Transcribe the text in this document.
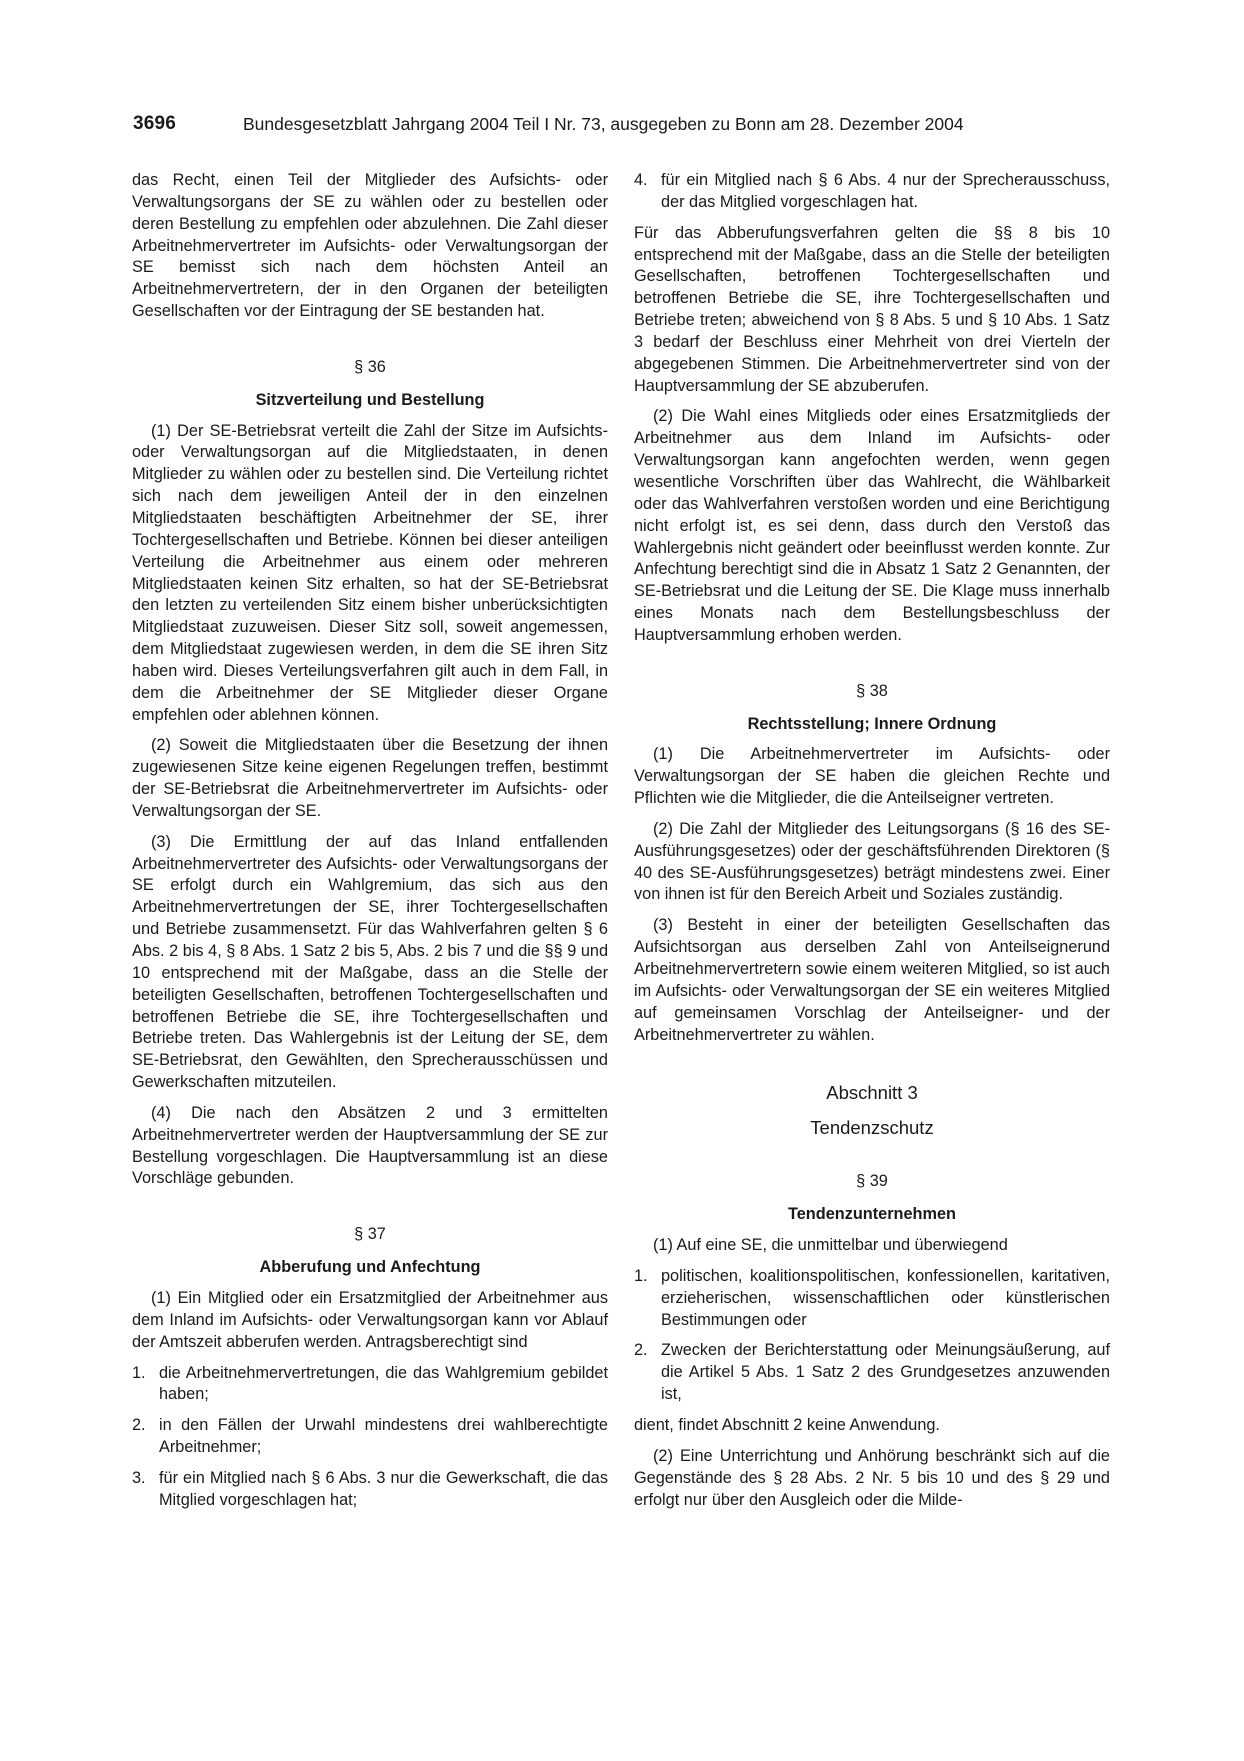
3696	Bundesgesetzblatt Jahrgang 2004 Teil I Nr. 73, ausgegeben zu Bonn am 28. Dezember 2004

das Recht, einen Teil der Mitglieder des Aufsichts- oder Verwaltungsorgans der SE zu wählen oder zu bestellen oder deren Bestellung zu empfehlen oder abzulehnen. Die Zahl dieser Arbeitnehmervertreter im Aufsichts- oder Verwaltungsorgan der SE bemisst sich nach dem höchsten Anteil an Arbeitnehmervertretern, der in den Organen der beteiligten Gesellschaften vor der Eintragung der SE bestanden hat.

§ 36
Sitzverteilung und Bestellung

(1) Der SE-Betriebsrat verteilt die Zahl der Sitze im Aufsichts- oder Verwaltungsorgan auf die Mitgliedstaaten, in denen Mitglieder zu wählen oder zu bestellen sind. Die Verteilung richtet sich nach dem jeweiligen Anteil der in den einzelnen Mitgliedstaaten beschäftigten Arbeitnehmer der SE, ihrer Tochtergesellschaften und Betriebe. Können bei dieser anteiligen Verteilung die Arbeitnehmer aus einem oder mehreren Mitgliedstaaten keinen Sitz erhalten, so hat der SE-Betriebsrat den letzten zu verteilenden Sitz einem bisher unberücksichtigten Mitgliedstaat zuzuweisen. Dieser Sitz soll, soweit angemessen, dem Mitgliedstaat zugewiesen werden, in dem die SE ihren Sitz haben wird. Dieses Verteilungsverfahren gilt auch in dem Fall, in dem die Arbeitnehmer der SE Mitglieder dieser Organe empfehlen oder ablehnen können.

(2) Soweit die Mitgliedstaaten über die Besetzung der ihnen zugewiesenen Sitze keine eigenen Regelungen treffen, bestimmt der SE-Betriebsrat die Arbeitnehmervertreter im Aufsichts- oder Verwaltungsorgan der SE.

(3) Die Ermittlung der auf das Inland entfallenden Arbeitnehmervertreter des Aufsichts- oder Verwaltungsorgans der SE erfolgt durch ein Wahlgremium, das sich aus den Arbeitnehmervertretungen der SE, ihrer Tochtergesellschaften und Betriebe zusammensetzt. Für das Wahlverfahren gelten § 6 Abs. 2 bis 4, § 8 Abs. 1 Satz 2 bis 5, Abs. 2 bis 7 und die §§ 9 und 10 entsprechend mit der Maßgabe, dass an die Stelle der beteiligten Gesellschaften, betroffenen Tochtergesellschaften und betroffenen Betriebe die SE, ihre Tochtergesellschaften und Betriebe treten. Das Wahlergebnis ist der Leitung der SE, dem SE-Betriebsrat, den Gewählten, den Sprecherausschüssen und Gewerkschaften mitzuteilen.

(4) Die nach den Absätzen 2 und 3 ermittelten Arbeitnehmervertreter werden der Hauptversammlung der SE zur Bestellung vorgeschlagen. Die Hauptversammlung ist an diese Vorschläge gebunden.

§ 37
Abberufung und Anfechtung

(1) Ein Mitglied oder ein Ersatzmitglied der Arbeitnehmer aus dem Inland im Aufsichts- oder Verwaltungsorgan kann vor Ablauf der Amtszeit abberufen werden. Antragsberechtigt sind

1. die Arbeitnehmervertretungen, die das Wahlgremium gebildet haben;
2. in den Fällen der Urwahl mindestens drei wahlberechtigte Arbeitnehmer;
3. für ein Mitglied nach § 6 Abs. 3 nur die Gewerkschaft, die das Mitglied vorgeschlagen hat;
4. für ein Mitglied nach § 6 Abs. 4 nur der Sprecherausschuss, der das Mitglied vorgeschlagen hat.

Für das Abberufungsverfahren gelten die §§ 8 bis 10 entsprechend mit der Maßgabe, dass an die Stelle der beteiligten Gesellschaften, betroffenen Tochtergesellschaften und betroffenen Betriebe die SE, ihre Tochtergesellschaften und Betriebe treten; abweichend von § 8 Abs. 5 und § 10 Abs. 1 Satz 3 bedarf der Beschluss einer Mehrheit von drei Vierteln der abgegebenen Stimmen. Die Arbeitnehmervertreter sind von der Hauptversammlung der SE abzuberufen.

(2) Die Wahl eines Mitglieds oder eines Ersatzmitglieds der Arbeitnehmer aus dem Inland im Aufsichts- oder Verwaltungsorgan kann angefochten werden, wenn gegen wesentliche Vorschriften über das Wahlrecht, die Wählbarkeit oder das Wahlverfahren verstoßen worden und eine Berichtigung nicht erfolgt ist, es sei denn, dass durch den Verstoß das Wahlergebnis nicht geändert oder beeinflusst werden konnte. Zur Anfechtung berechtigt sind die in Absatz 1 Satz 2 Genannten, der SE-Betriebsrat und die Leitung der SE. Die Klage muss innerhalb eines Monats nach dem Bestellungsbeschluss der Hauptversammlung erhoben werden.

§ 38
Rechtsstellung; Innere Ordnung

(1) Die Arbeitnehmervertreter im Aufsichts- oder Verwaltungsorgan der SE haben die gleichen Rechte und Pflichten wie die Mitglieder, die die Anteilseigner vertreten.

(2) Die Zahl der Mitglieder des Leitungsorgans (§ 16 des SE-Ausführungsgesetzes) oder der geschäftsführenden Direktoren (§ 40 des SE-Ausführungsgesetzes) beträgt mindestens zwei. Einer von ihnen ist für den Bereich Arbeit und Soziales zuständig.

(3) Besteht in einer der beteiligten Gesellschaften das Aufsichtsorgan aus derselben Zahl von Anteilseignerund Arbeitnehmervertretern sowie einem weiteren Mitglied, so ist auch im Aufsichts- oder Verwaltungsorgan der SE ein weiteres Mitglied auf gemeinsamen Vorschlag der Anteilseigner- und der Arbeitnehmervertreter zu wählen.

Abschnitt 3
Tendenzschutz
§ 39
Tendenzunternehmen

(1) Auf eine SE, die unmittelbar und überwiegend

1. politischen, koalitionspolitischen, konfessionellen, karitativen, erzieherischen, wissenschaftlichen oder künstlerischen Bestimmungen oder
2. Zwecken der Berichterstattung oder Meinungsäußerung, auf die Artikel 5 Abs. 1 Satz 2 des Grundgesetzes anzuwenden ist,

dient, findet Abschnitt 2 keine Anwendung.

(2) Eine Unterrichtung und Anhörung beschränkt sich auf die Gegenstände des § 28 Abs. 2 Nr. 5 bis 10 und des § 29 und erfolgt nur über den Ausgleich oder die Milde-
